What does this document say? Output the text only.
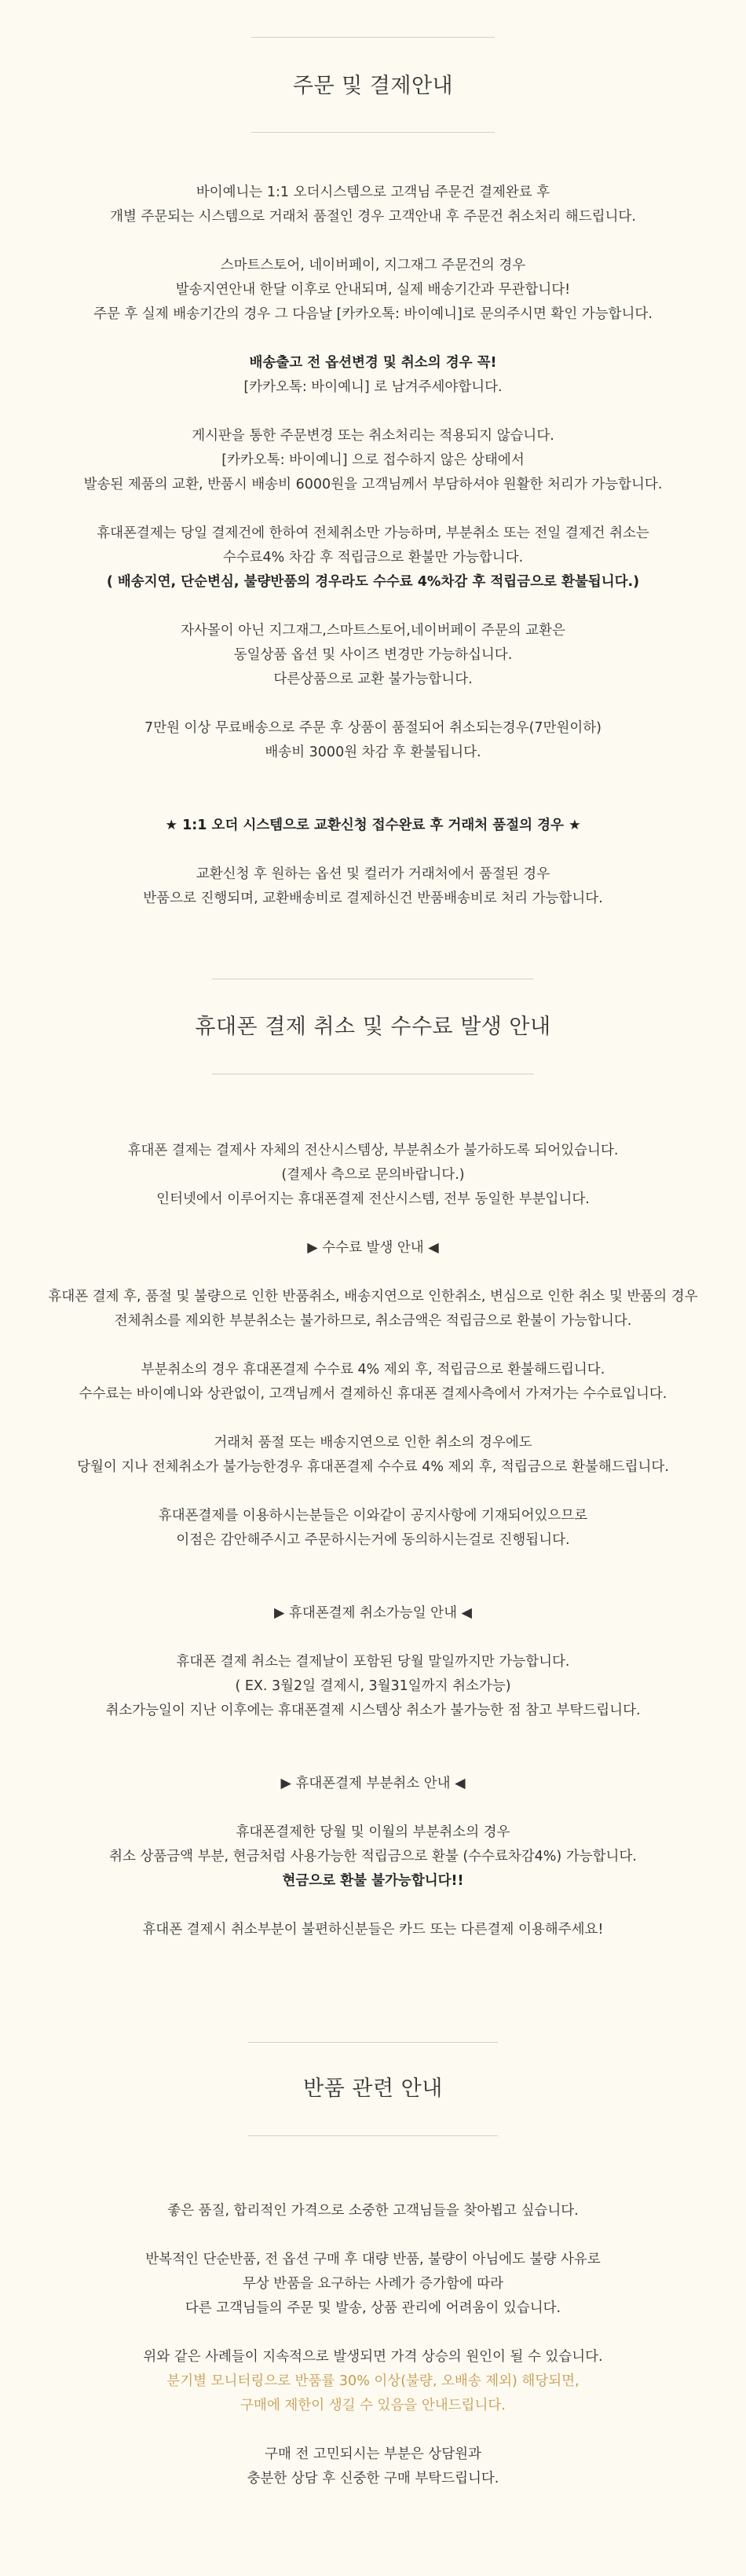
주문 및 결제안내
바이예니는 1:1 오더시스템으로 고객님 주문건 결제완료 후
개별 주문되는 시스템으로 거래처 품절인 경우 고객안내 후 주문건 취소처리 해드립니다.
스마트스토어, 네이버페이, 지그재그 주문건의 경우
발송지연안내 한달 이후로 안내되며, 실제 배송기간과 무관합니다!
주문 후 실제 배송기간의 경우 그 다음날 [카카오톡: 바이예니]로 문의주시면 확인 가능합니다.
배송출고 전 옵션변경 및 취소의 경우 꼭!
[카카오톡: 바이예니] 로 남겨주세야합니다.
게시판을 통한 주문변경 또는 취소처리는 적용되지 않습니다.
[카카오톡: 바이예니] 으로 접수하지 않은 상태에서
발송된 제품의 교환, 반품시 배송비 6000원을 고객님께서 부담하셔야 원활한 처리가 가능합니다.
휴대폰결제는 당일 결제건에 한하여 전체취소만 가능하며, 부분취소 또는 전일 결제건 취소는
수수료4% 차감 후 적립금으로 환불만 가능합니다.
( 배송지연, 단순변심, 불량반품의 경우라도 수수료 4%차감 후 적립금으로 환불됩니다.)
자사몰이 아닌 지그재그,스마트스토어,네이버페이 주문의 교환은
동일상품 옵션 및 사이즈 변경만 가능하십니다.
다른상품으로 교환 불가능합니다.
7만원 이상 무료배송으로 주문 후 상품이 품절되어 취소되는경우(7만원이하)
배송비 3000원 차감 후 환불됩니다.
★ 1:1 오더 시스템으로 교환신청 접수완료 후 거래처 품절의 경우 ★
교환신청 후 원하는 옵션 및 컬러가 거래처에서 품절된 경우
반품으로 진행되며, 교환배송비로 결제하신건 반품배송비로 처리 가능합니다.
휴대폰 결제 취소 및 수수료 발생 안내
휴대폰 결제는 결제사 자체의 전산시스템상, 부분취소가 불가하도록 되어있습니다.
(결제사 측으로 문의바랍니다.)
인터넷에서 이루어지는 휴대폰결제 전산시스템, 전부 동일한 부분입니다.
▶ 수수료 발생 안내 ◀
휴대폰 결제 후, 품절 및 불량으로 인한 반품취소, 배송지연으로 인한취소, 변심으로 인한 취소 및 반품의 경우
전체취소를 제외한 부분취소는 불가하므로, 취소금액은 적립금으로 환불이 가능합니다.
부분취소의 경우 휴대폰결제 수수료 4% 제외 후, 적립금으로 환불해드립니다.
수수료는 바이예니와 상관없이, 고객님께서 결제하신 휴대폰 결제사측에서 가져가는 수수료입니다.
거래처 품절 또는 배송지연으로 인한 취소의 경우에도
당월이 지나 전체취소가 불가능한경우 휴대폰결제 수수료 4% 제외 후, 적립금으로 환불해드립니다.
휴대폰결제를 이용하시는분들은 이와같이 공지사항에 기재되어있으므로
이점은 감안해주시고 주문하시는거에 동의하시는걸로 진행됩니다.
▶ 휴대폰결제 취소가능일 안내 ◀
휴대폰 결제 취소는 결제날이 포함된 당월 말일까지만 가능합니다.
( EX. 3월2일 결제시, 3월31일까지 취소가능)
취소가능일이 지난 이후에는 휴대폰결제 시스템상 취소가 불가능한 점 참고 부탁드립니다.
▶ 휴대폰결제 부분취소 안내 ◀
휴대폰결제한 당월 및 이월의 부분취소의 경우
취소 상품금액 부분, 현금처럼 사용가능한 적립금으로 환불 (수수료차감4%) 가능합니다.
현금으로 환불 불가능합니다!!
휴대폰 결제시 취소부분이 불편하신분들은 카드 또는 다른결제 이용해주세요!
반품 관련 안내
좋은 품질, 합리적인 가격으로 소중한 고객님들을 찾아뵙고 싶습니다.
반복적인 단순반품, 전 옵션 구매 후 대량 반품, 불량이 아님에도 불량 사유로
무상 반품을 요구하는 사례가 증가함에 따라
다른 고객님들의 주문 및 발송, 상품 관리에 어려움이 있습니다.
위와 같은 사례들이 지속적으로 발생되면 가격 상승의 원인이 될 수 있습니다.
분기별 모니터링으로 반품률 30% 이상(불량, 오배송 제외) 해당되면,
구매에 제한이 생길 수 있음을 안내드립니다.
구매 전 고민되시는 부분은 상담원과
충분한 상담 후 신중한 구매 부탁드립니다.
